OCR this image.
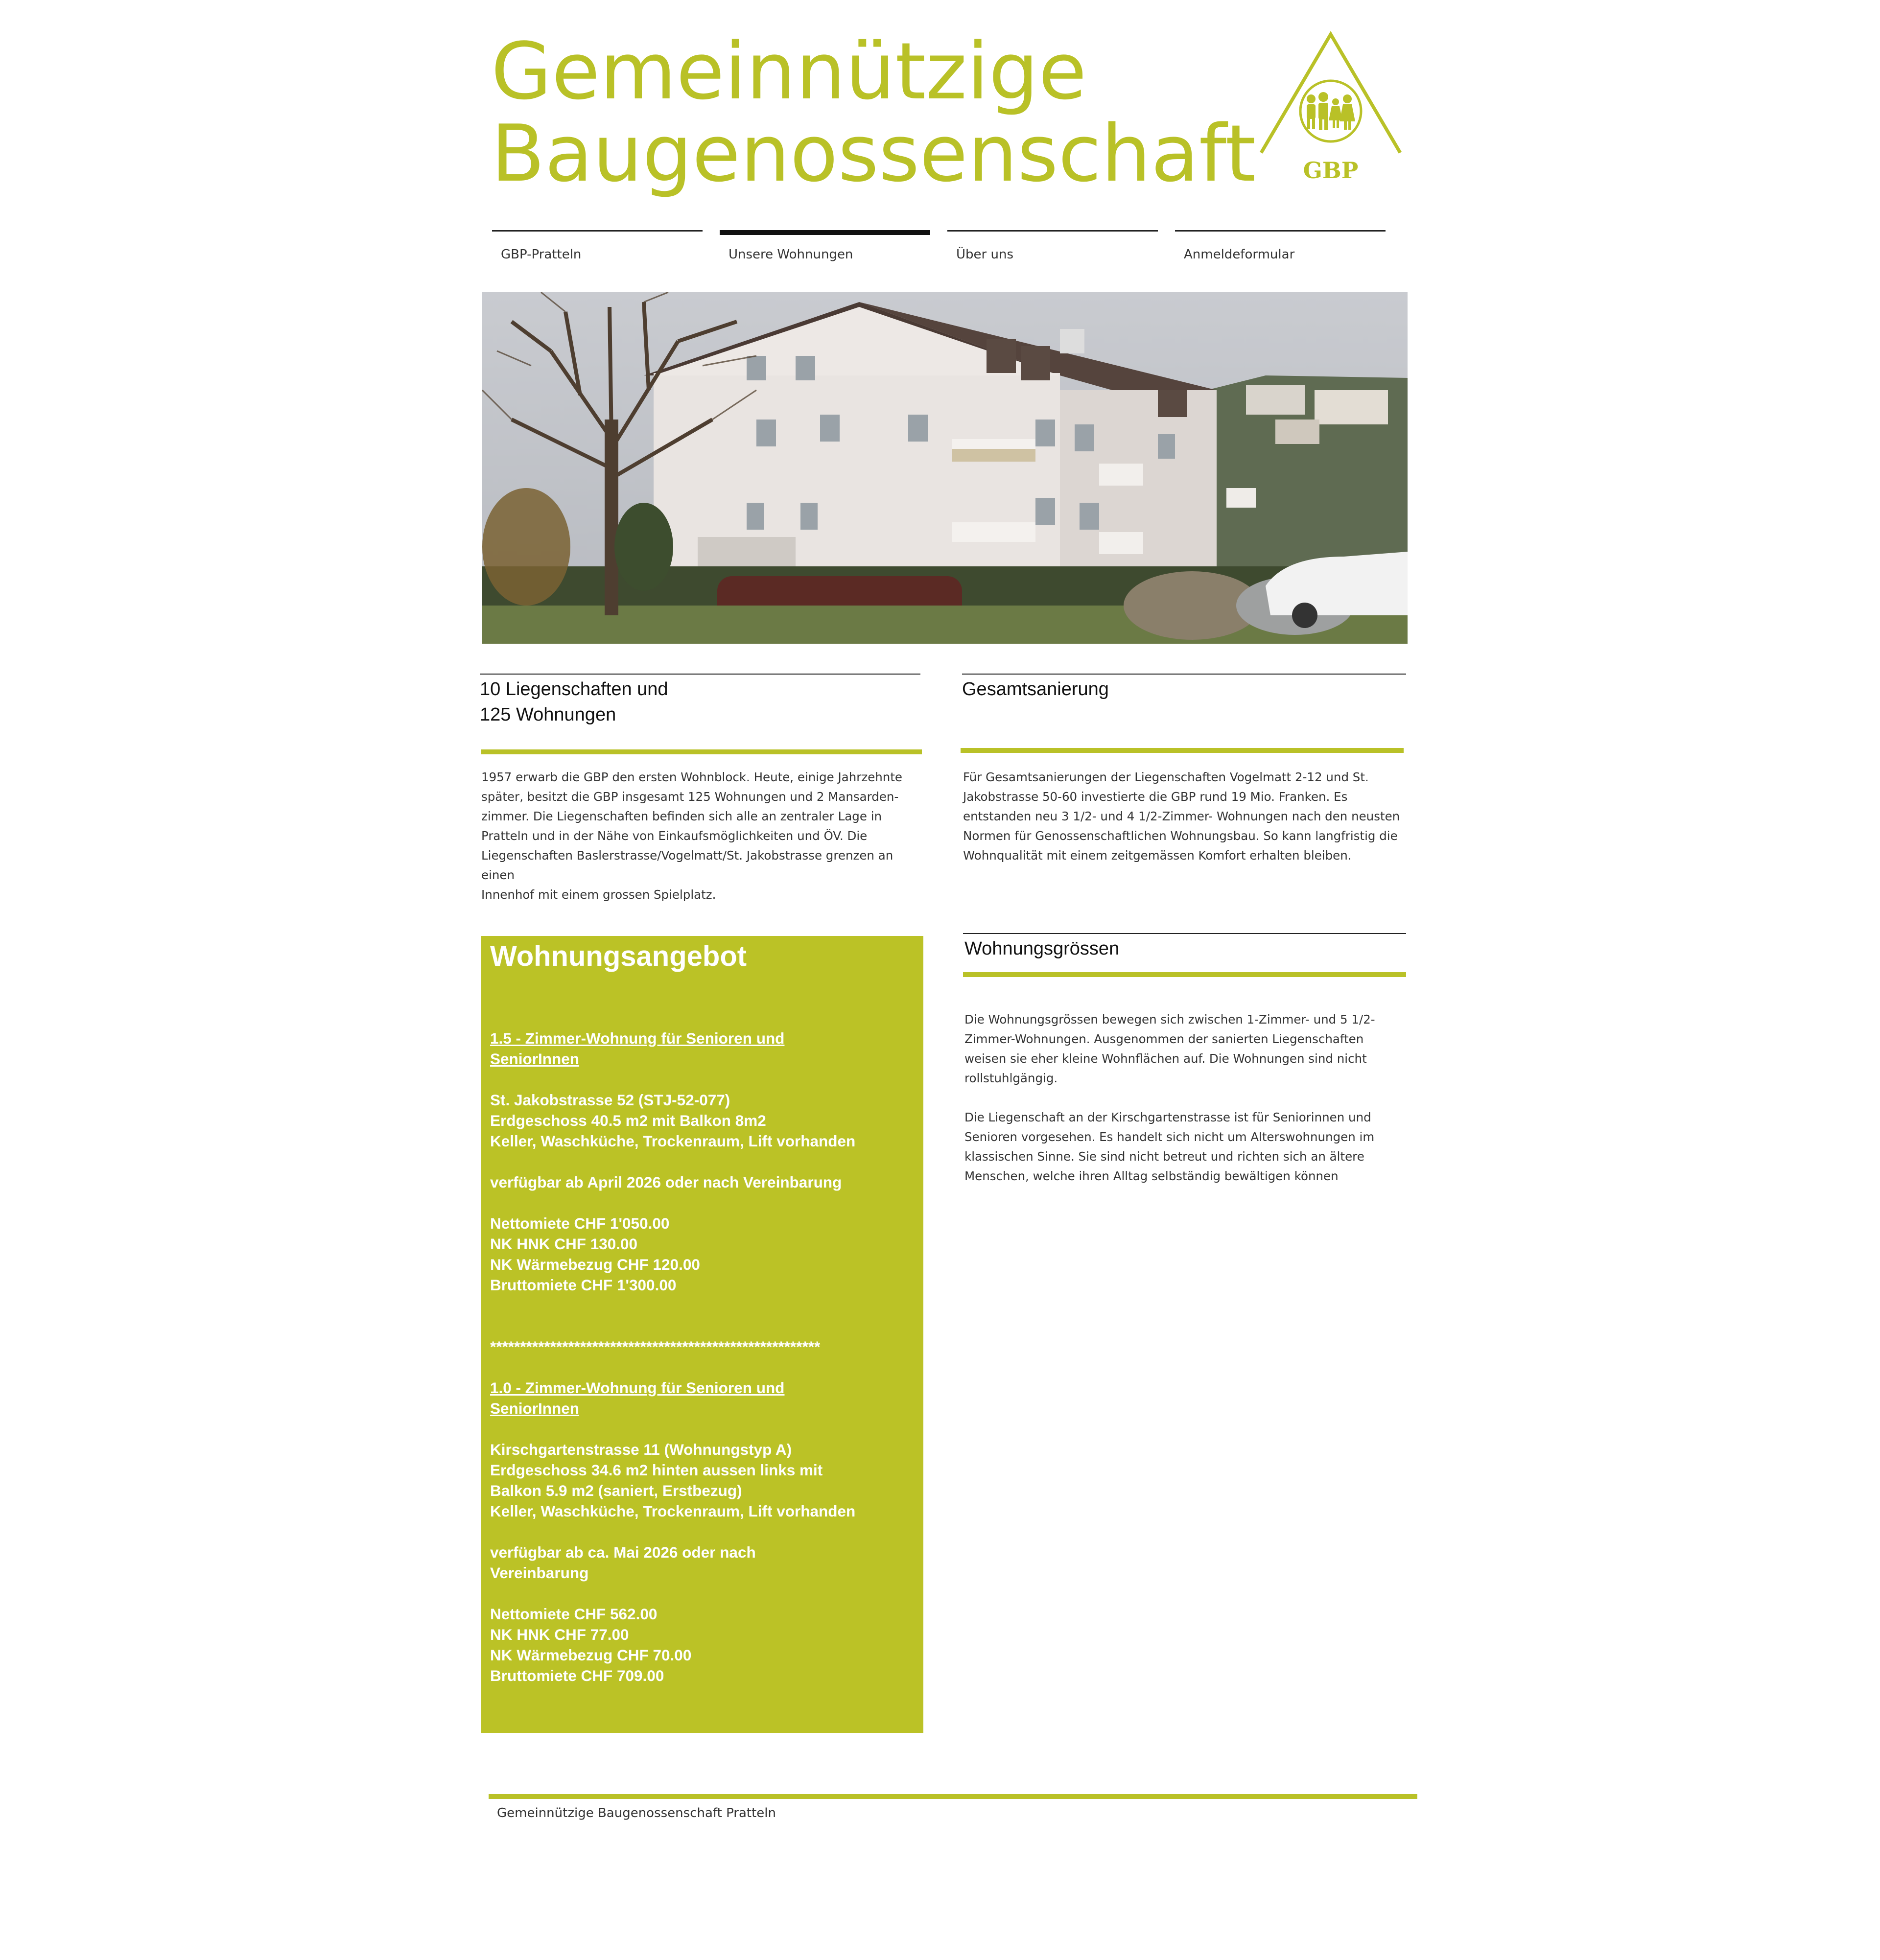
Gemeinnützige
Baugenossenschaft GBP
GBP-Pratteln	Unsere Wohnungen	Über uns	Anmeldeformular
10 Liegenschaften und
125 Wohnungen
1957 erwarb die GBP den ersten Wohnblock. Heute, einige Jahrzehnte
später, besitzt die GBP insgesamt 125 Wohnungen und 2 Mansarden-
zimmer. Die Liegenschaften befinden sich alle an zentraler Lage in
Pratteln und in der Nähe von Einkaufsmöglichkeiten und ÖV. Die
Liegenschaften Baslerstrasse/Vogelmatt/St. Jakobstrasse grenzen an einen
Innenhof mit einem grossen Spielplatz.
Gesamtsanierung
Für Gesamtsanierungen der Liegenschaften Vogelmatt 2-12 und St.
Jakobstrasse 50-60 investierte die GBP rund 19 Mio. Franken. Es
entstanden neu 3 1/2- und 4 1/2-Zimmer- Wohnungen nach den neusten
Normen für Genossenschaftlichen Wohnungsbau. So kann langfristig die
Wohnqualität mit einem zeitgemässen Komfort erhalten bleiben.
Wohnungsangebot
1.5 - Zimmer-Wohnung für Senioren und
SeniorInnen
St. Jakobstrasse 52 (STJ-52-077)
Erdgeschoss 40.5 m2 mit Balkon 8m2
Keller, Waschküche, Trockenraum, Lift vorhanden
verfügbar ab April 2026 oder nach Vereinbarung
Nettomiete CHF 1'050.00
NK HNK CHF 130.00
NK Wärmebezug CHF 120.00
Bruttomiete CHF 1'300.00
*******************************************************
1.0 - Zimmer-Wohnung für Senioren und
SeniorInnen
Kirschgartenstrasse 11 (Wohnungstyp A)
Erdgeschoss 34.6 m2 hinten aussen links mit
Balkon 5.9 m2 (saniert, Erstbezug)
Keller, Waschküche, Trockenraum, Lift vorhanden
verfügbar ab ca. Mai 2026 oder nach
Vereinbarung
Nettomiete CHF 562.00
NK HNK CHF 77.00
NK Wärmebezug CHF 70.00
Bruttomiete CHF 709.00
Wohnungsgrössen
Die Wohnungsgrössen bewegen sich zwischen 1-Zimmer- und 5 1/2-
Zimmer-Wohnungen. Ausgenommen der sanierten Liegenschaften
weisen sie eher kleine Wohnflächen auf. Die Wohnungen sind nicht
rollstuhlgängig.
Die Liegenschaft an der Kirschgartenstrasse ist für Seniorinnen und
Senioren vorgesehen. Es handelt sich nicht um Alterswohnungen im
klassischen Sinne. Sie sind nicht betreut und richten sich an ältere
Menschen, welche ihren Alltag selbständig bewältigen können
Gemeinnützige Baugenossenschaft Pratteln
